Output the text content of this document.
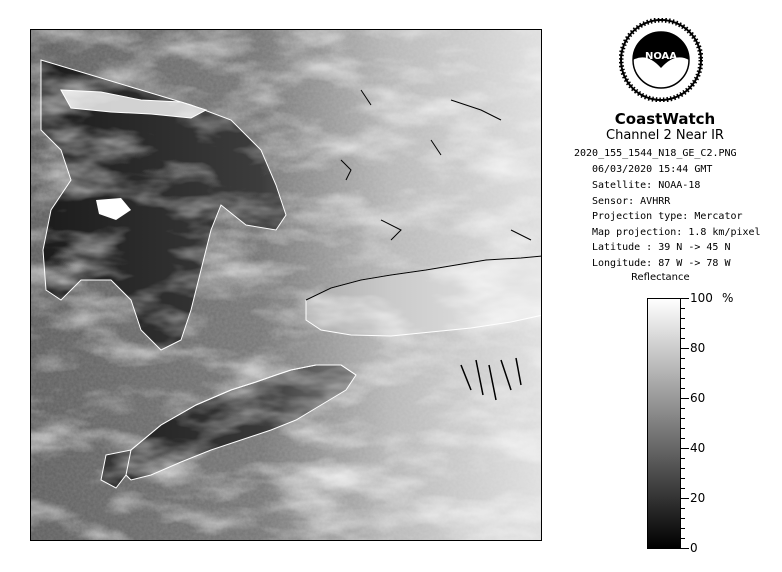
NOAA
CoastWatch
Channel 2 Near IR
2020_155_1544_N18_GE_C2.PNG
06/03/2020 15:44 GMT
Satellite: NOAA-18
Sensor: AVHRR
Projection type: Mercator
Map projection: 1.8 km/pixel
Latitude : 39 N -> 45 N
Longitude: 87 W -> 78 W
Reflectance
%
100
80
60
40
20
0
